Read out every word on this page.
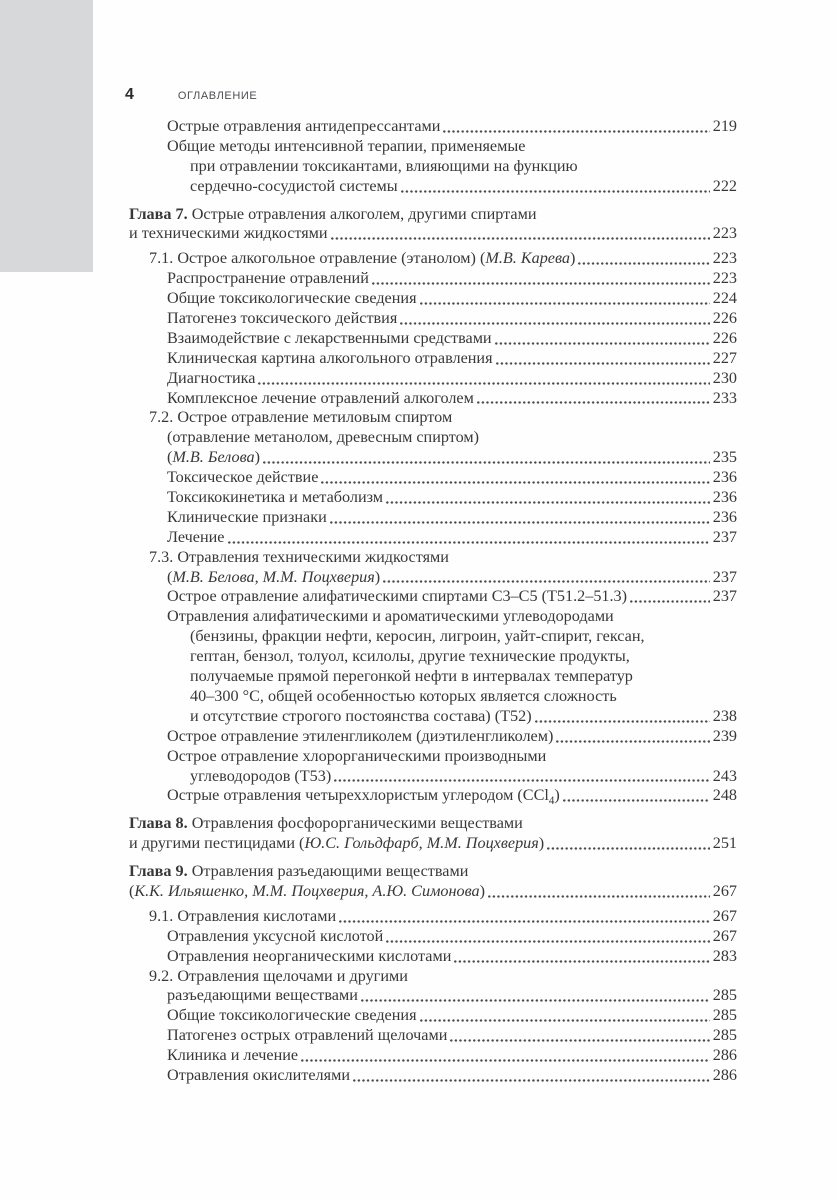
4	ОГЛАВЛЕНИЕ
Острые отравления антидепрессантами	219
Общие методы интенсивной терапии, применяемые
при отравлении токсикантами, влияющими на функцию
сердечно-сосудистой системы	222
Глава 7. Острые отравления алкоголем, другими спиртами
и техническими жидкостями	223
7.1. Острое алкогольное отравление (этанолом) (М.В. Карева)	223
Распространение отравлений	223
Общие токсикологические сведения	224
Патогенез токсического действия	226
Взаимодействие с лекарственными средствами	226
Клиническая картина алкогольного отравления	227
Диагностика	230
Комплексное лечение отравлений алкоголем	233
7.2. Острое отравление метиловым спиртом
(отравление метанолом, древесным спиртом)
(М.В. Белова)	235
Токсическое действие	236
Токсикокинетика и метаболизм	236
Клинические признаки	236
Лечение	237
7.3. Отравления техническими жидкостями
(М.В. Белова, М.М. Поцхверия)	237
Острое отравление алифатическими спиртами С3–С5 (Т51.2–51.3)	237
Отравления алифатическими и ароматическими углеводородами
(бензины, фракции нефти, керосин, лигроин, уайт-спирит, гексан,
гептан, бензол, толуол, ксилолы, другие технические продукты,
получаемые прямой перегонкой нефти в интервалах температур
40–300 °С, общей особенностью которых является сложность
и отсутствие строгого постоянства состава) (Т52)	238
Острое отравление этиленгликолем (диэтиленгликолем)	239
Острое отравление хлорорганическими производными
углеводородов (Т53)	243
Острые отравления четыреххлористым углеродом (CCl$_4$)	248
Глава 8. Отравления фосфорорганическими веществами
и другими пестицидами (Ю.С. Гольдфарб, М.М. Поцхверия)	251
Глава 9. Отравления разъедающими веществами
(К.К. Ильяшенко, М.М. Поцхверия, А.Ю. Симонова)	267
9.1. Отравления кислотами	267
Отравления уксусной кислотой	267
Отравления неорганическими кислотами	283
9.2. Отравления щелочами и другими
разъедающими веществами	285
Общие токсикологические сведения	285
Патогенез острых отравлений щелочами	285
Клиника и лечение	286
Отравления окислителями	286
